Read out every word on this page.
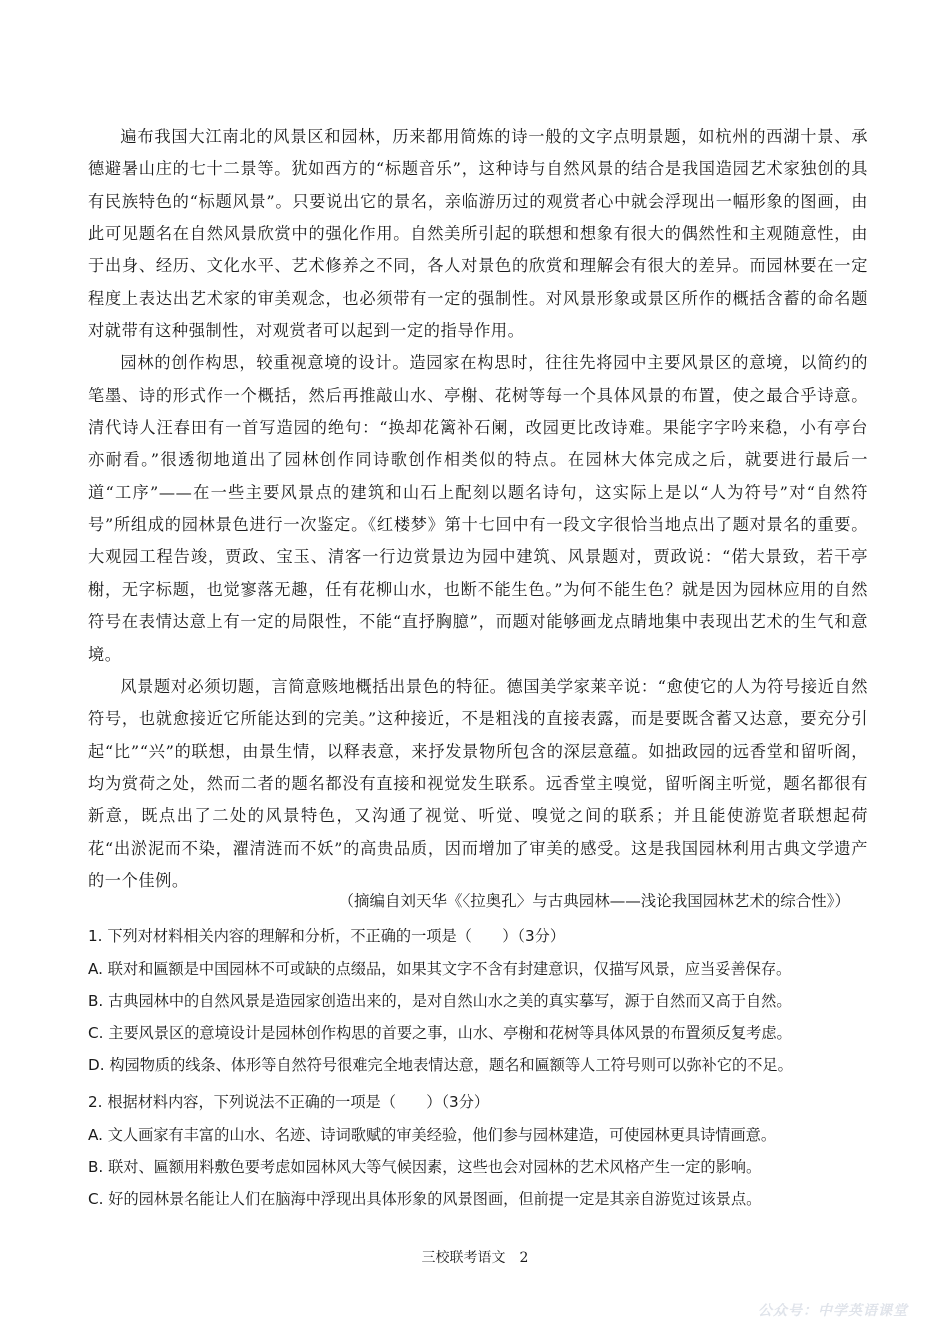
遍布我国大江南北的风景区和园林，历来都用简炼的诗一般的文字点明景题，如杭州的西湖十景、承德避暑山庄的七十二景等。犹如西方的“标题音乐”，这种诗与自然风景的结合是我国造园艺术家独创的具有民族特色的“标题风景”。只要说出它的景名，亲临游历过的观赏者心中就会浮现出一幅形象的图画，由此可见题名在自然风景欣赏中的强化作用。自然美所引起的联想和想象有很大的偶然性和主观随意性，由于出身、经历、文化水平、艺术修养之不同，各人对景色的欣赏和理解会有很大的差异。而园林要在一定程度上表达出艺术家的审美观念，也必须带有一定的强制性。对风景形象或景区所作的概括含蓄的命名题对就带有这种强制性，对观赏者可以起到一定的指导作用。

园林的创作构思，较重视意境的设计。造园家在构思时，往往先将园中主要风景区的意境，以简约的笔墨、诗的形式作一个概括，然后再推敲山水、亭榭、花树等每一个具体风景的布置，使之最合乎诗意。清代诗人汪春田有一首写造园的绝句：“换却花篱补石阑，改园更比改诗难。果能字字吟来稳，小有亭台亦耐看。”很透彻地道出了园林创作同诗歌创作相类似的特点。在园林大体完成之后，就要进行最后一道“工序”——在一些主要风景点的建筑和山石上配刻以题名诗句，这实际上是以“人为符号”对“自然符号”所组成的园林景色进行一次鉴定。《红楼梦》第十七回中有一段文字很恰当地点出了题对景名的重要。大观园工程告竣，贾政、宝玉、清客一行边赏景边为园中建筑、风景题对，贾政说：“偌大景致，若干亭榭，无字标题，也觉寥落无趣，任有花柳山水，也断不能生色。”为何不能生色？就是因为园林应用的自然符号在表情达意上有一定的局限性，不能“直抒胸臆”，而题对能够画龙点睛地集中表现出艺术的生气和意境。

风景题对必须切题，言简意赅地概括出景色的特征。德国美学家莱辛说：“愈使它的人为符号接近自然符号，也就愈接近它所能达到的完美。”这种接近，不是粗浅的直接表露，而是要既含蓄又达意，要充分引起“比”“兴”的联想，由景生情，以释表意，来抒发景物所包含的深层意蕴。如拙政园的远香堂和留听阁，均为赏荷之处，然而二者的题名都没有直接和视觉发生联系。远香堂主嗅觉，留听阁主听觉，题名都很有新意，既点出了二处的风景特色，又沟通了视觉、听觉、嗅觉之间的联系；并且能使游览者联想起荷花“出淤泥而不染，濯清涟而不妖”的高贵品质，因而增加了审美的感受。这是我国园林利用古典文学遗产的一个佳例。

（摘编自刘天华《〈拉奥孔〉与古典园林——浅论我国园林艺术的综合性》）
1. 下列对材料相关内容的理解和分析，不正确的一项是（　　）（3分）
A. 联对和匾额是中国园林不可或缺的点缀品，如果其文字不含有封建意识，仅描写风景，应当妥善保存。
B. 古典园林中的自然风景是造园家创造出来的，是对自然山水之美的真实摹写，源于自然而又高于自然。
C. 主要风景区的意境设计是园林创作构思的首要之事，山水、亭榭和花树等具体风景的布置须反复考虑。
D. 构园物质的线条、体形等自然符号很难完全地表情达意，题名和匾额等人工符号则可以弥补它的不足。
2. 根据材料内容，下列说法不正确的一项是（　　）（3分）
A. 文人画家有丰富的山水、名迹、诗词歌赋的审美经验，他们参与园林建造，可使园林更具诗情画意。
B. 联对、匾额用料敷色要考虑如园林风大等气候因素，这些也会对园林的艺术风格产生一定的影响。
C. 好的园林景名能让人们在脑海中浮现出具体形象的风景图画，但前提一定是其亲自游览过该景点。
三校联考语文　2
公众号：中学英语课堂
